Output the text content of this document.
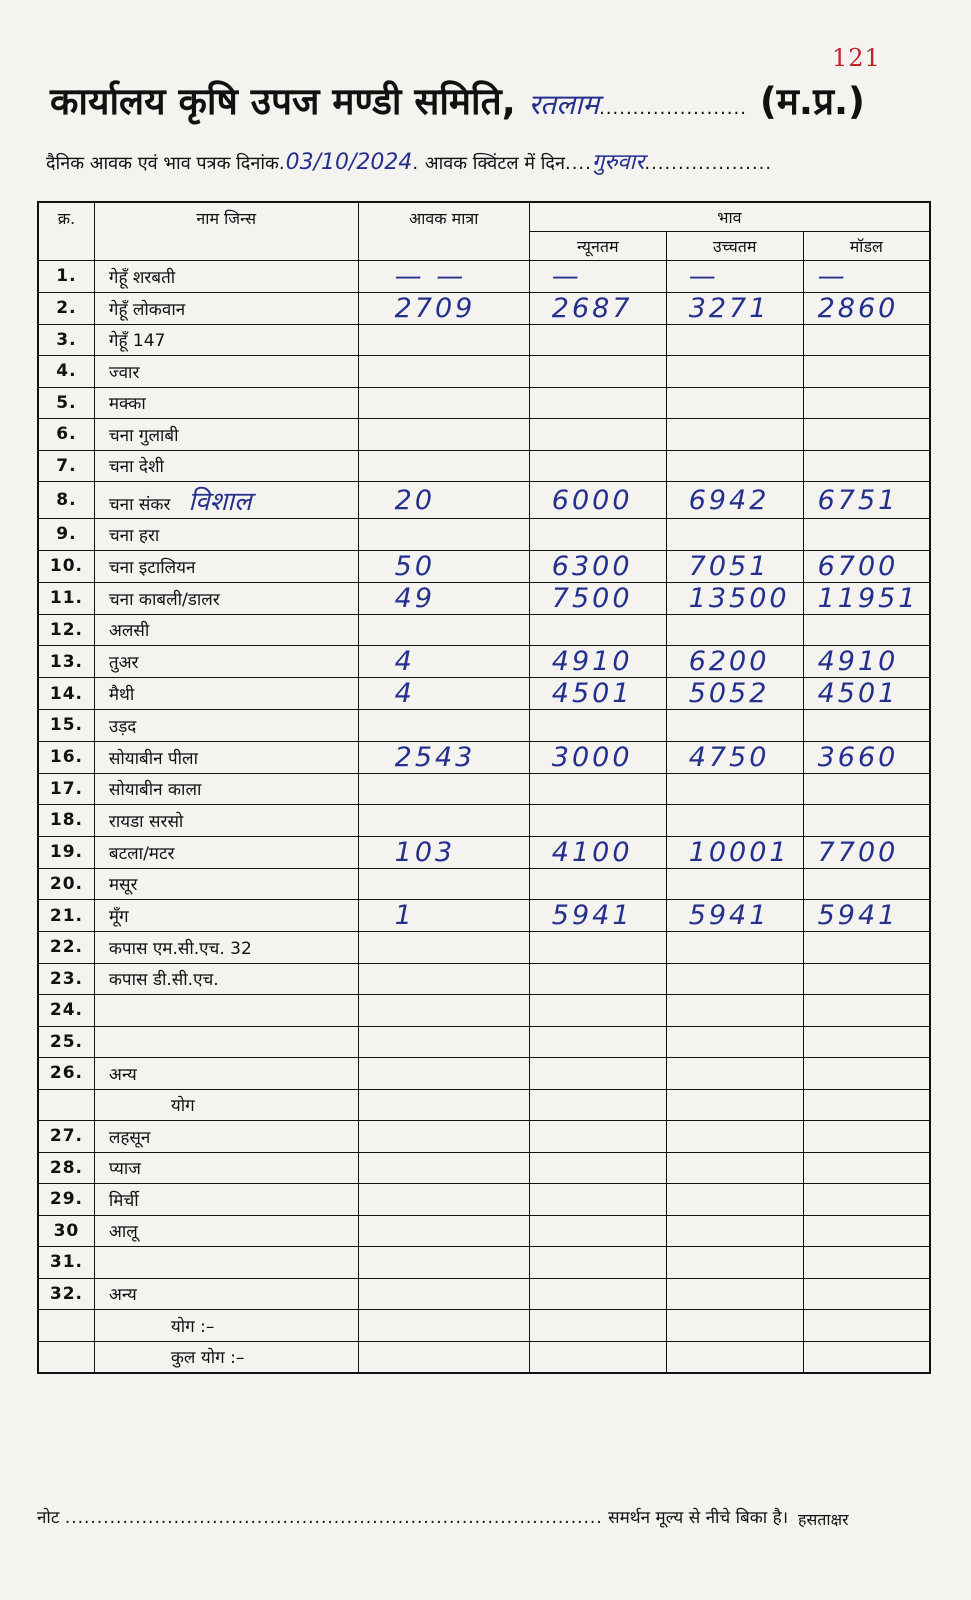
121
कार्यालय कृषि उपज मण्डी समिति, रतलाम...................... (म.प्र.)
दैनिक आवक एवं भाव पत्रक दिनांक.03/10/2024. आवक क्विंटल में दिन....गुरुवार...................
क्र.	नाम जिन्स	आवक मात्रा	भाव		
			न्यूनतम	उच्चतम	मॉडल
1.	गेहूँ शरबती	— —	—	—	—
2.	गेहूँ लोकवान	2709	2687	3271	2860
3.	गेहूँ 147				
4.	ज्वार				
5.	मक्का				
6.	चना गुलाबी				
7.	चना देशी				
8.	चना संकर विशाल	20	6000	6942	6751
9.	चना हरा				
10.	चना इटालियन	50	6300	7051	6700
11.	चना काबली/डालर	49	7500	13500	11951
12.	अलसी				
13.	तुअर	4	4910	6200	4910
14.	मैथी	4	4501	5052	4501
15.	उड़द				
16.	सोयाबीन पीला	2543	3000	4750	3660
17.	सोयाबीन काला				
18.	रायडा सरसो				
19.	बटला/मटर	103	4100	10001	7700
20.	मसूर				
21.	मूँग	1	5941	5941	5941
22.	कपास एम.सी.एच. 32				
23.	कपास डी.सी.एच.				
24.					
25.					
26.	अन्य				
	योग				
27.	लहसून				
28.	प्याज				
29.	मिर्ची				
30	आलू				
31.					
32.	अन्य				
	योग :–				
	कुल योग :–				
नोट .................................................................................... समर्थन मूल्य से नीचे बिका है। हसताक्षर
